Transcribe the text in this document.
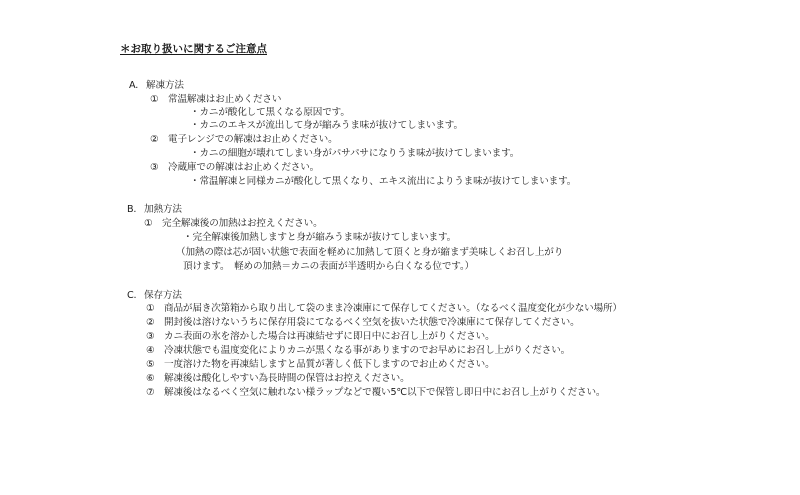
＊お取り扱いに関するご注意点
A. 解凍方法
① 常温解凍はお止めください
・カニが酸化して黒くなる原因です。
・カニのエキスが流出して身が縮みうま味が抜けてしまいます。
② 電子レンジでの解凍はお止めください。
・カニの細胞が壊れてしまい身がパサパサになりうま味が抜けてしまいます。
③ 冷蔵庫での解凍はお止めください。
・常温解凍と同様カニが酸化して黒くなり、エキス流出によりうま味が抜けてしまいます。
B. 加熱方法
① 完全解凍後の加熱はお控えください。
・完全解凍後加熱しますと身が縮みうま味が抜けてしまいます。
（加熱の際は芯が固い状態で表面を軽めに加熱して頂くと身が縮まず美味しくお召し上がり
頂けます。　軽めの加熱＝カニの表面が半透明から白くなる位です。）
C. 保存方法
① 商品が届き次第箱から取り出して袋のまま冷凍庫にて保存してください。（なるべく温度変化が少ない場所）
② 開封後は溶けないうちに保存用袋にてなるべく空気を抜いた状態で冷凍庫にて保存してください。
③ カニ表面の氷を溶かした場合は再凍結せずに即日中にお召し上がりください。
④ 冷凍状態でも温度変化によりカニが黒くなる事がありますのでお早めにお召し上がりください。
⑤ 一度溶けた物を再凍結しますと品質が著しく低下しますのでお止めください。
⑥ 解凍後は酸化しやすい為長時間の保管はお控えください。
⑦ 解凍後はなるべく空気に触れない様ラップなどで覆い5℃以下で保管し即日中にお召し上がりください。
